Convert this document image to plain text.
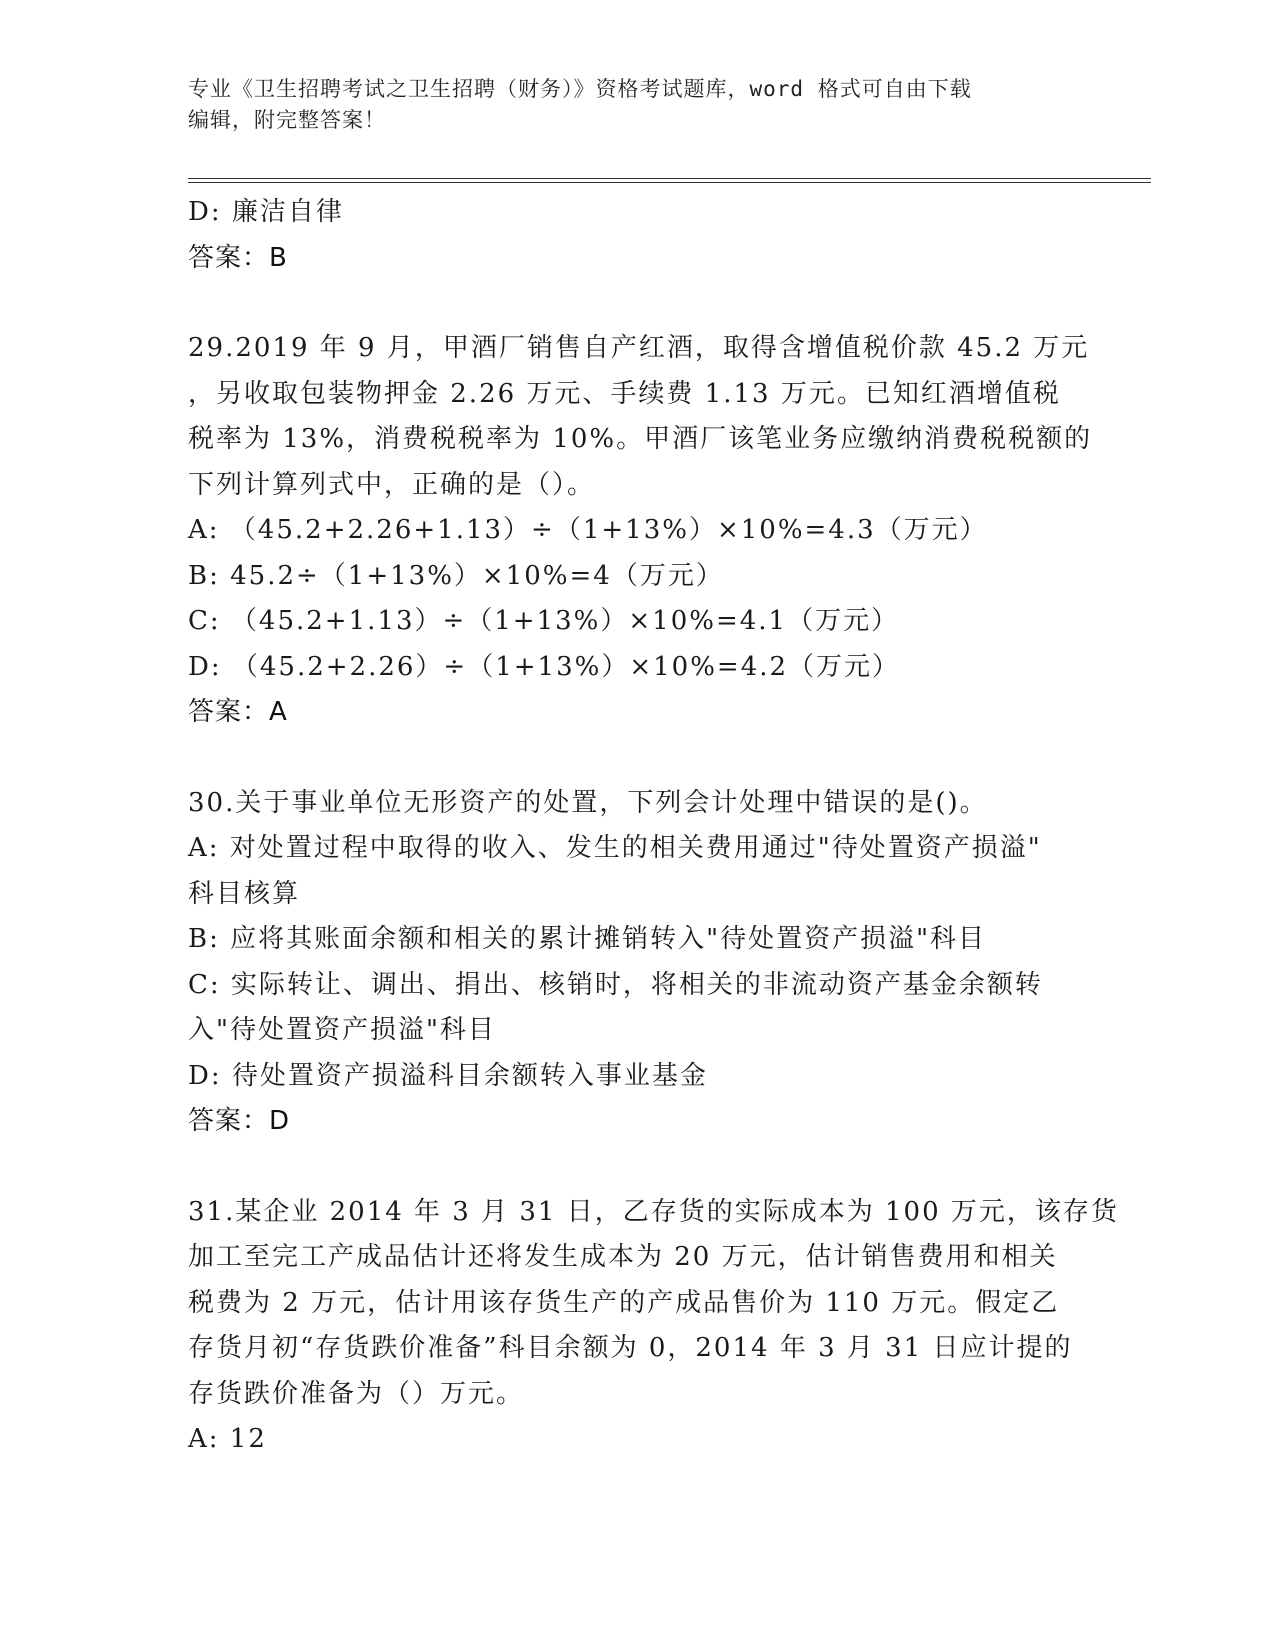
专业《卫生招聘考试之卫生招聘（财务）》资格考试题库，word 格式可自由下载
编辑，附完整答案！
D: 廉洁自律
答案：B
29.2019 年 9 月，甲酒厂销售自产红酒，取得含增值税价款 45.2 万元
，另收取包装物押金 2.26 万元、手续费 1.13 万元。已知红酒增值税
税率为 13%，消费税税率为 10%。甲酒厂该笔业务应缴纳消费税税额的
下列计算列式中，正确的是（）。
A: （45.2+2.26+1.13）÷（1+13%）×10%=4.3（万元）
B: 45.2÷（1+13%）×10%=4（万元）
C: （45.2+1.13）÷（1+13%）×10%=4.1（万元）
D: （45.2+2.26）÷（1+13%）×10%=4.2（万元）
答案：A
30.关于事业单位无形资产的处置，下列会计处理中错误的是()。
A: 对处置过程中取得的收入、发生的相关费用通过"待处置资产损溢"
科目核算
B: 应将其账面余额和相关的累计摊销转入"待处置资产损溢"科目
C: 实际转让、调出、捐出、核销时，将相关的非流动资产基金余额转
入"待处置资产损溢"科目
D: 待处置资产损溢科目余额转入事业基金
答案：D
31.某企业 2014 年 3 月 31 日，乙存货的实际成本为 100 万元，该存货
加工至完工产成品估计还将发生成本为 20 万元，估计销售费用和相关
税费为 2 万元，估计用该存货生产的产成品售价为 110 万元。假定乙
存货月初“存货跌价准备”科目余额为 0，2014 年 3 月 31 日应计提的
存货跌价准备为（）万元。
A: 12
